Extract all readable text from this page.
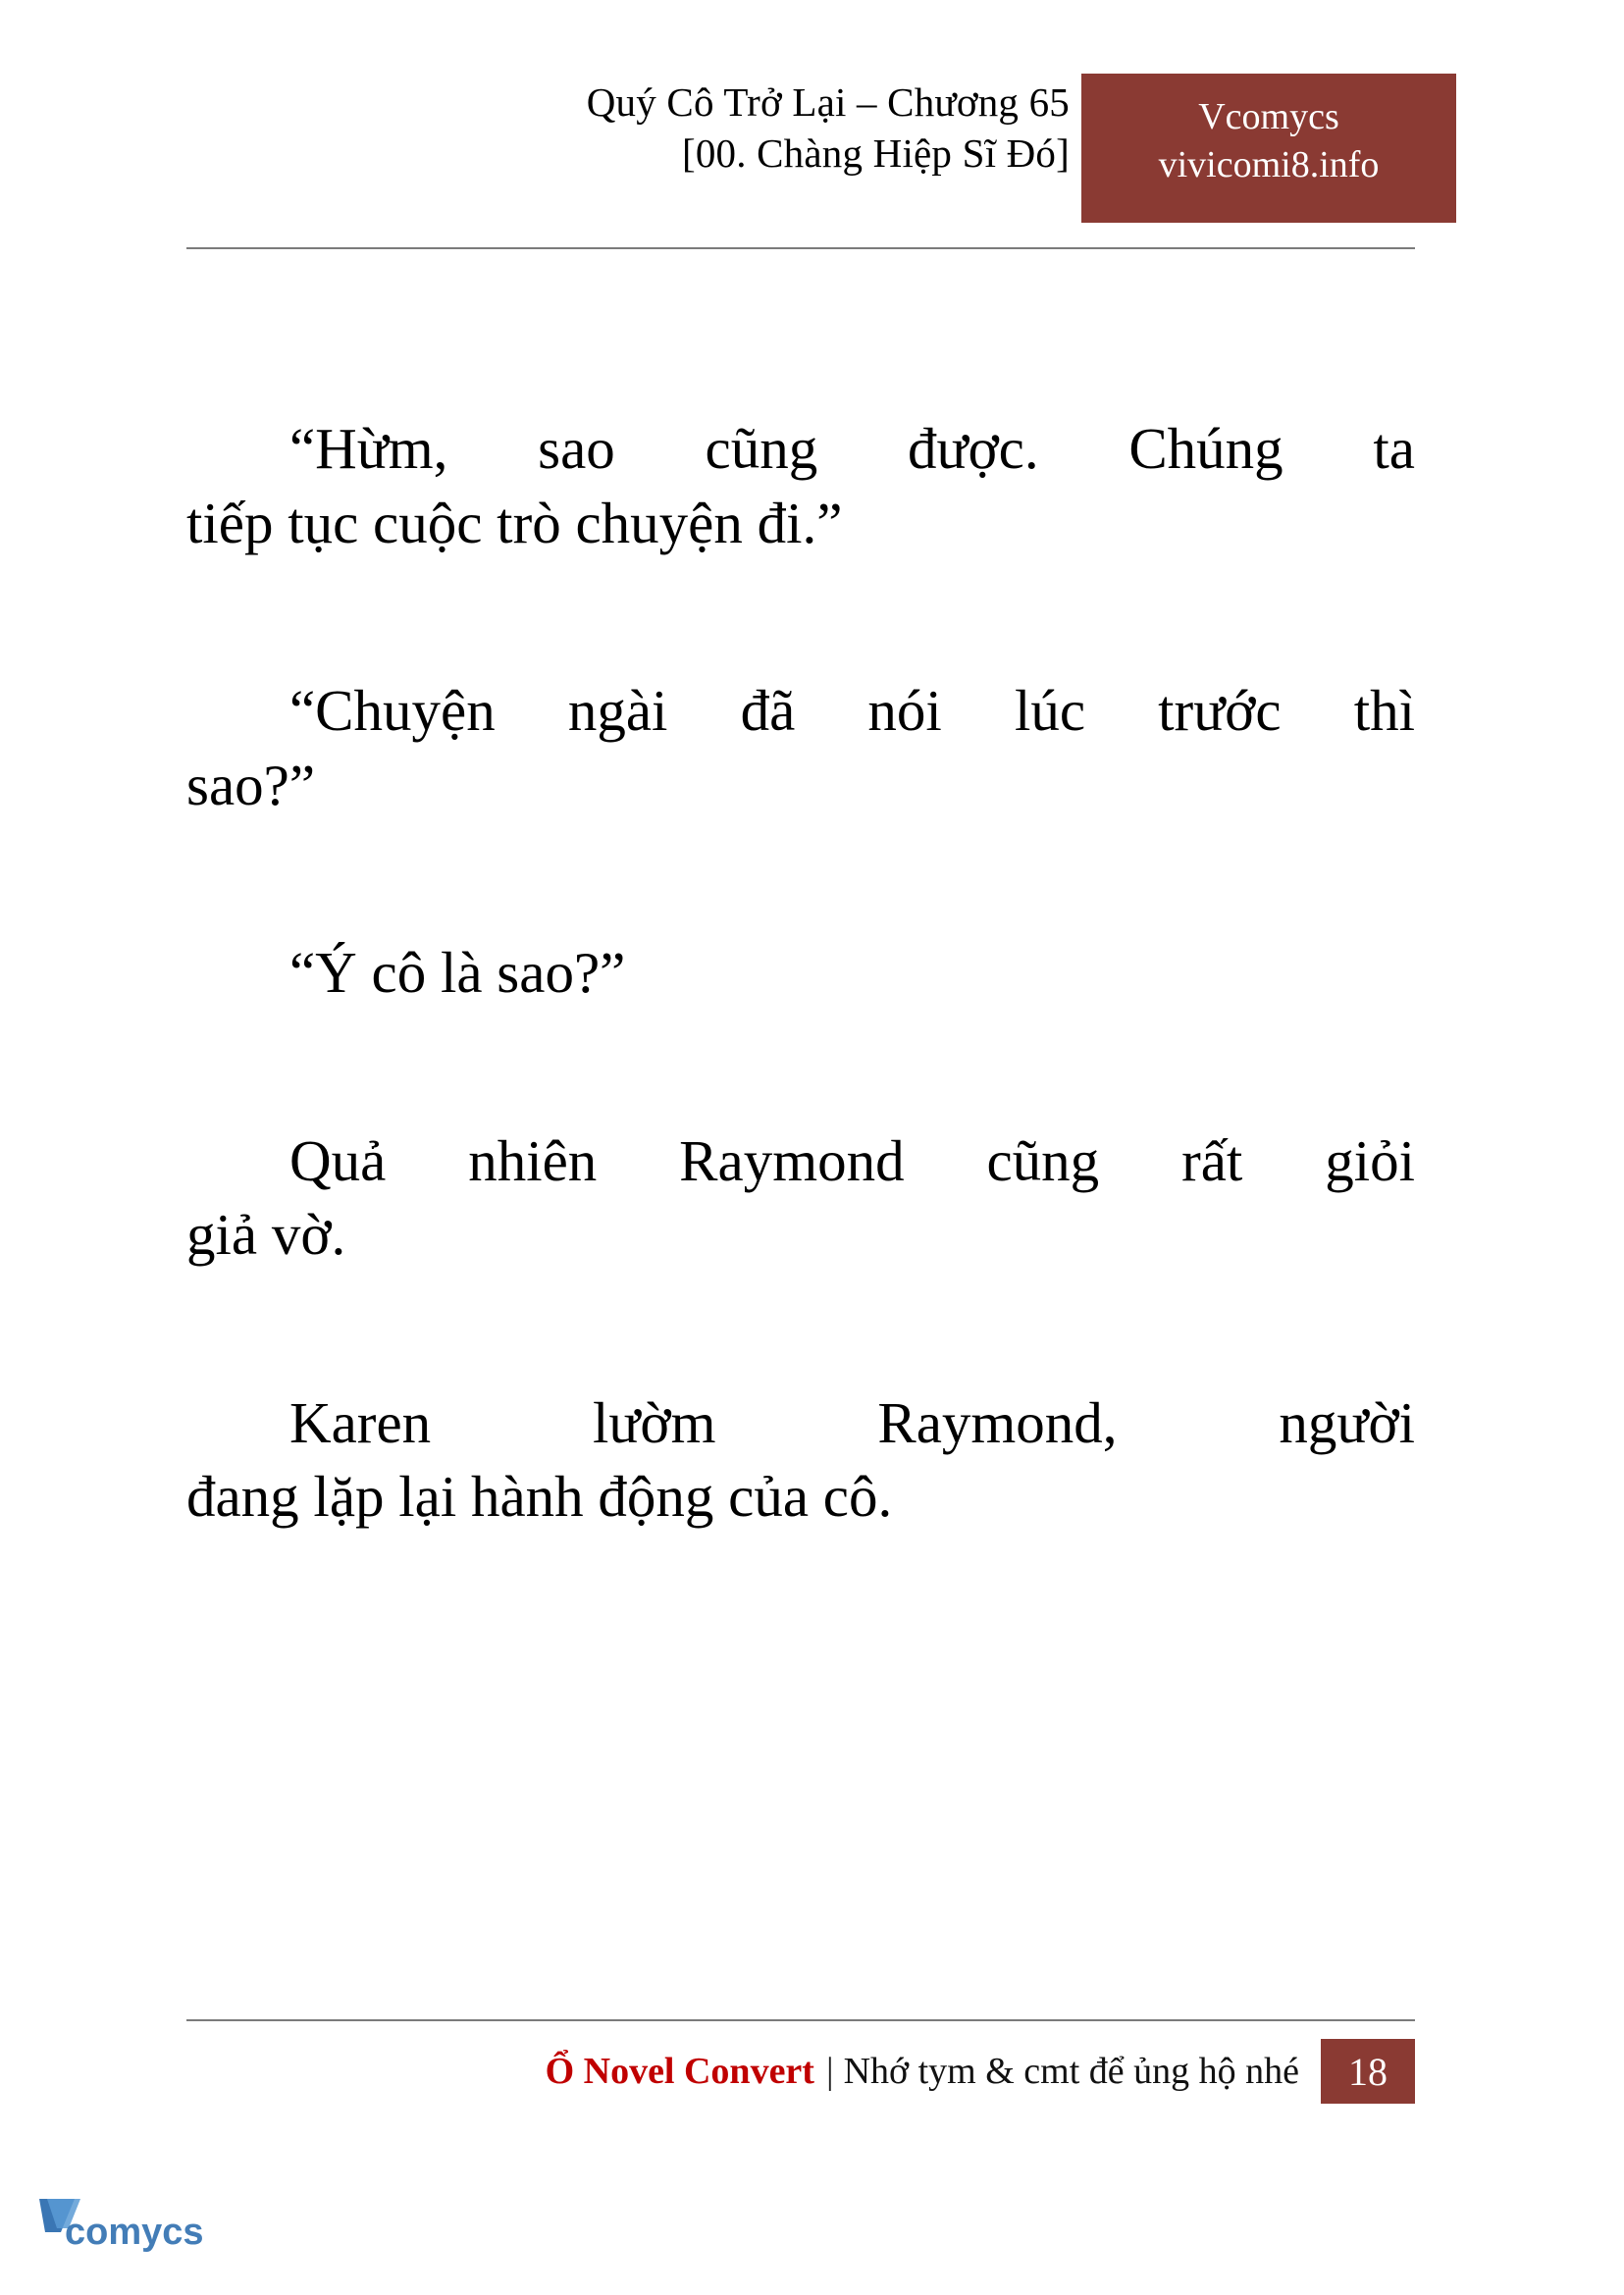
Quý Cô Trở Lại – Chương 65
[00. Chàng Hiệp Sĩ Đó]
Vcomycs
vivicomi8.info

“Hừm, sao cũng được. Chúng ta
tiếp tục cuộc trò chuyện đi.”

“Chuyện ngài đã nói lúc trước thì
sao?”

“Ý cô là sao?”

Quả nhiên Raymond cũng rất giỏi
giả vờ.

Karen lườm Raymond, người
đang lặp lại hành động của cô.

Ổ Novel Convert | Nhớ tym & cmt để ủng hộ nhé	18
comycs
